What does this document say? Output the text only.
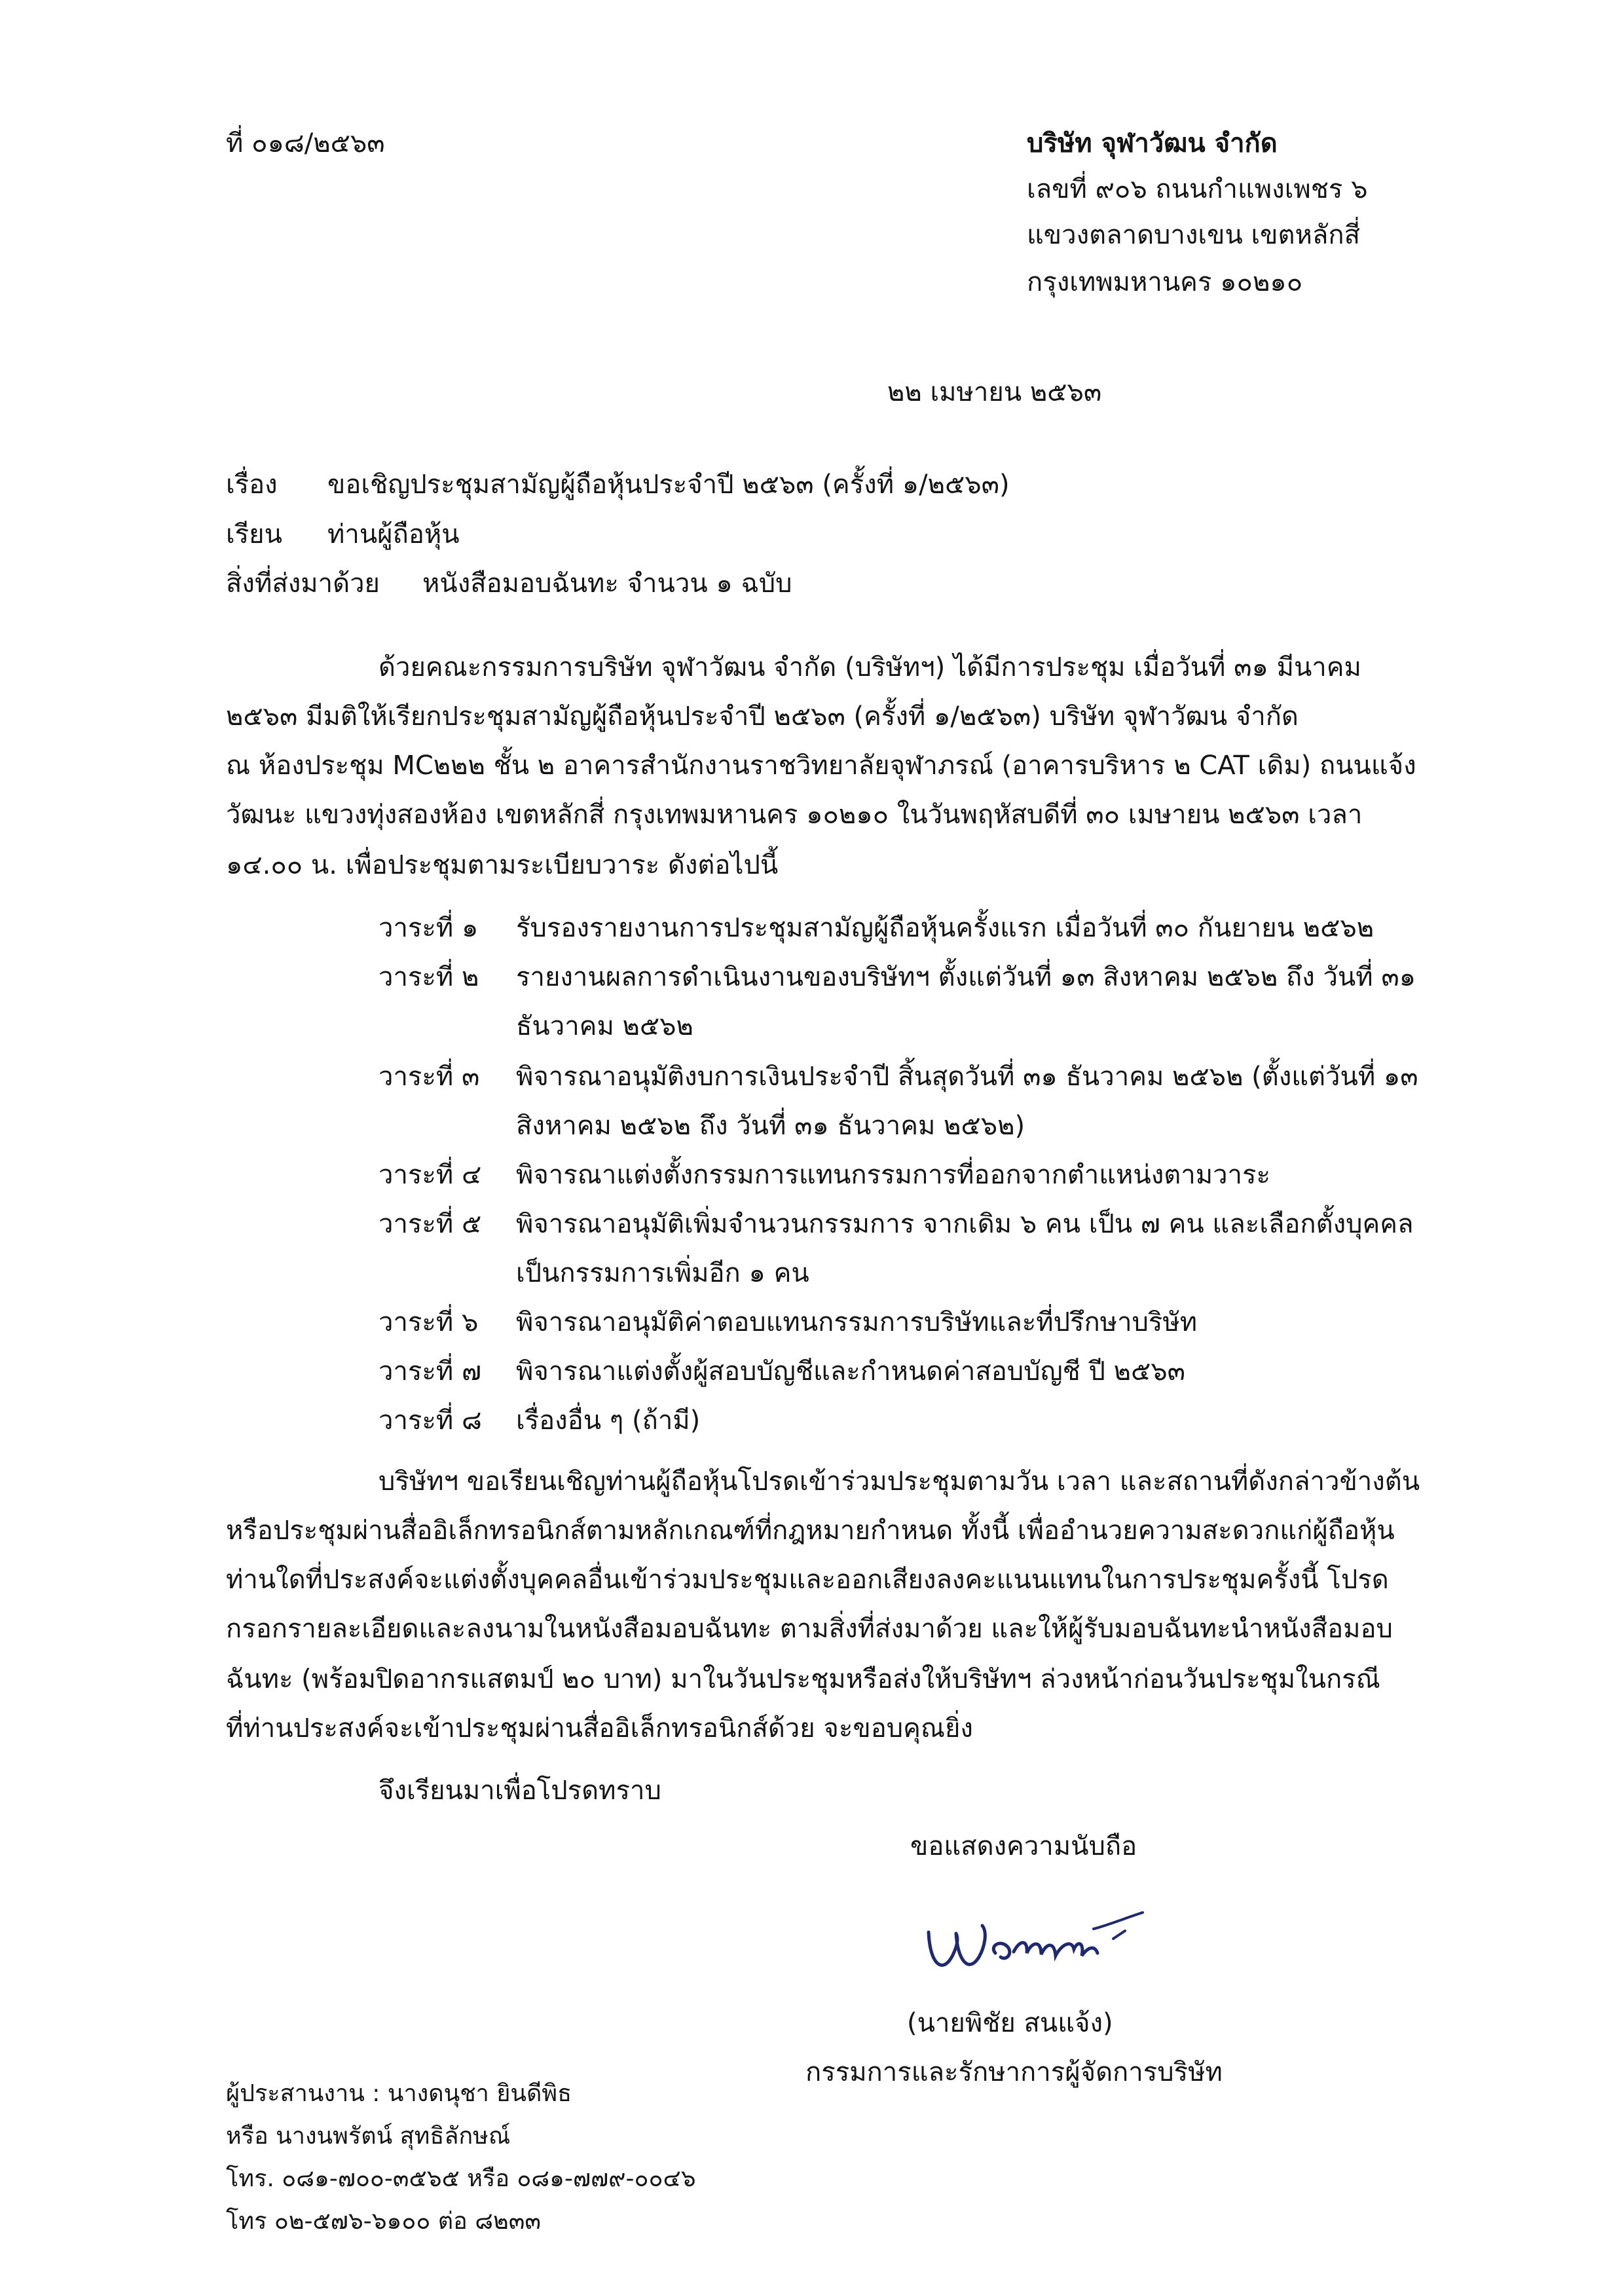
ที่ ๐๑๘/๒๕๖๓	บริษัท จุฬาวัฒน จำกัด
เลขที่ ๙๐๖ ถนนกำแพงเพชร ๖
แขวงตลาดบางเขน เขตหลักสี่
กรุงเทพมหานคร ๑๐๒๑๐
๒๒ เมษายน ๒๕๖๓
เรื่อง ขอเชิญประชุมสามัญผู้ถือหุ้นประจำปี ๒๕๖๓ (ครั้งที่ ๑/๒๕๖๓)
เรียน ท่านผู้ถือหุ้น
สิ่งที่ส่งมาด้วย หนังสือมอบฉันทะ จำนวน ๑ ฉบับ
ด้วยคณะกรรมการบริษัท จุฬาวัฒน จำกัด (บริษัทฯ) ได้มีการประชุม เมื่อวันที่ ๓๑ มีนาคม
๒๕๖๓ มีมติให้เรียกประชุมสามัญผู้ถือหุ้นประจำปี ๒๕๖๓ (ครั้งที่ ๑/๒๕๖๓) บริษัท จุฬาวัฒน จำกัด
ณ ห้องประชุม MC๒๒๒ ชั้น ๒ อาคารสำนักงานราชวิทยาลัยจุฬาภรณ์ (อาคารบริหาร ๒ CAT เดิม) ถนนแจ้ง
วัฒนะ แขวงทุ่งสองห้อง เขตหลักสี่ กรุงเทพมหานคร ๑๐๒๑๐ ในวันพฤหัสบดีที่ ๓๐ เมษายน ๒๕๖๓ เวลา
๑๔.๐๐ น. เพื่อประชุมตามระเบียบวาระ ดังต่อไปนี้
วาระที่ ๑	รับรองรายงานการประชุมสามัญผู้ถือหุ้นครั้งแรก เมื่อวันที่ ๓๐ กันยายน ๒๕๖๒
วาระที่ ๒	รายงานผลการดำเนินงานของบริษัทฯ ตั้งแต่วันที่ ๑๓ สิงหาคม ๒๕๖๒ ถึง วันที่ ๓๑
ธันวาคม ๒๕๖๒
วาระที่ ๓	พิจารณาอนุมัติงบการเงินประจำปี สิ้นสุดวันที่ ๓๑ ธันวาคม ๒๕๖๒ (ตั้งแต่วันที่ ๑๓
สิงหาคม ๒๕๖๒ ถึง วันที่ ๓๑ ธันวาคม ๒๕๖๒)
วาระที่ ๔	พิจารณาแต่งตั้งกรรมการแทนกรรมการที่ออกจากตำแหน่งตามวาระ
วาระที่ ๕	พิจารณาอนุมัติเพิ่มจำนวนกรรมการ จากเดิม ๖ คน เป็น ๗ คน และเลือกตั้งบุคคล
เป็นกรรมการเพิ่มอีก ๑ คน
วาระที่ ๖	พิจารณาอนุมัติค่าตอบแทนกรรมการบริษัทและที่ปรึกษาบริษัท
วาระที่ ๗	พิจารณาแต่งตั้งผู้สอบบัญชีและกำหนดค่าสอบบัญชี ปี ๒๕๖๓
วาระที่ ๘	เรื่องอื่น ๆ (ถ้ามี)
บริษัทฯ ขอเรียนเชิญท่านผู้ถือหุ้นโปรดเข้าร่วมประชุมตามวัน เวลา และสถานที่ดังกล่าวข้างต้น
หรือประชุมผ่านสื่ออิเล็กทรอนิกส์ตามหลักเกณฑ์ที่กฎหมายกำหนด ทั้งนี้ เพื่ออำนวยความสะดวกแก่ผู้ถือหุ้น
ท่านใดที่ประสงค์จะแต่งตั้งบุคคลอื่นเข้าร่วมประชุมและออกเสียงลงคะแนนแทนในการประชุมครั้งนี้ โปรด
กรอกรายละเอียดและลงนามในหนังสือมอบฉันทะ ตามสิ่งที่ส่งมาด้วย และให้ผู้รับมอบฉันทะนำหนังสือมอบ
ฉันทะ (พร้อมปิดอากรแสตมป์ ๒๐ บาท) มาในวันประชุมหรือส่งให้บริษัทฯ ล่วงหน้าก่อนวันประชุมในกรณี
ที่ท่านประสงค์จะเข้าประชุมผ่านสื่ออิเล็กทรอนิกส์ด้วย จะขอบคุณยิ่ง
จึงเรียนมาเพื่อโปรดทราบ
ขอแสดงความนับถือ
(นายพิชัย สนแจ้ง)
กรรมการและรักษาการผู้จัดการบริษัท
ผู้ประสานงาน : นางดนุชา ยินดีพิธ
หรือ นางนพรัตน์ สุทธิลักษณ์
โทร. ๐๘๑-๗๐๐-๓๕๖๕ หรือ ๐๘๑-๗๗๙-๐๐๔๖
โทร ๐๒-๕๗๖-๖๑๐๐ ต่อ ๘๒๓๓
